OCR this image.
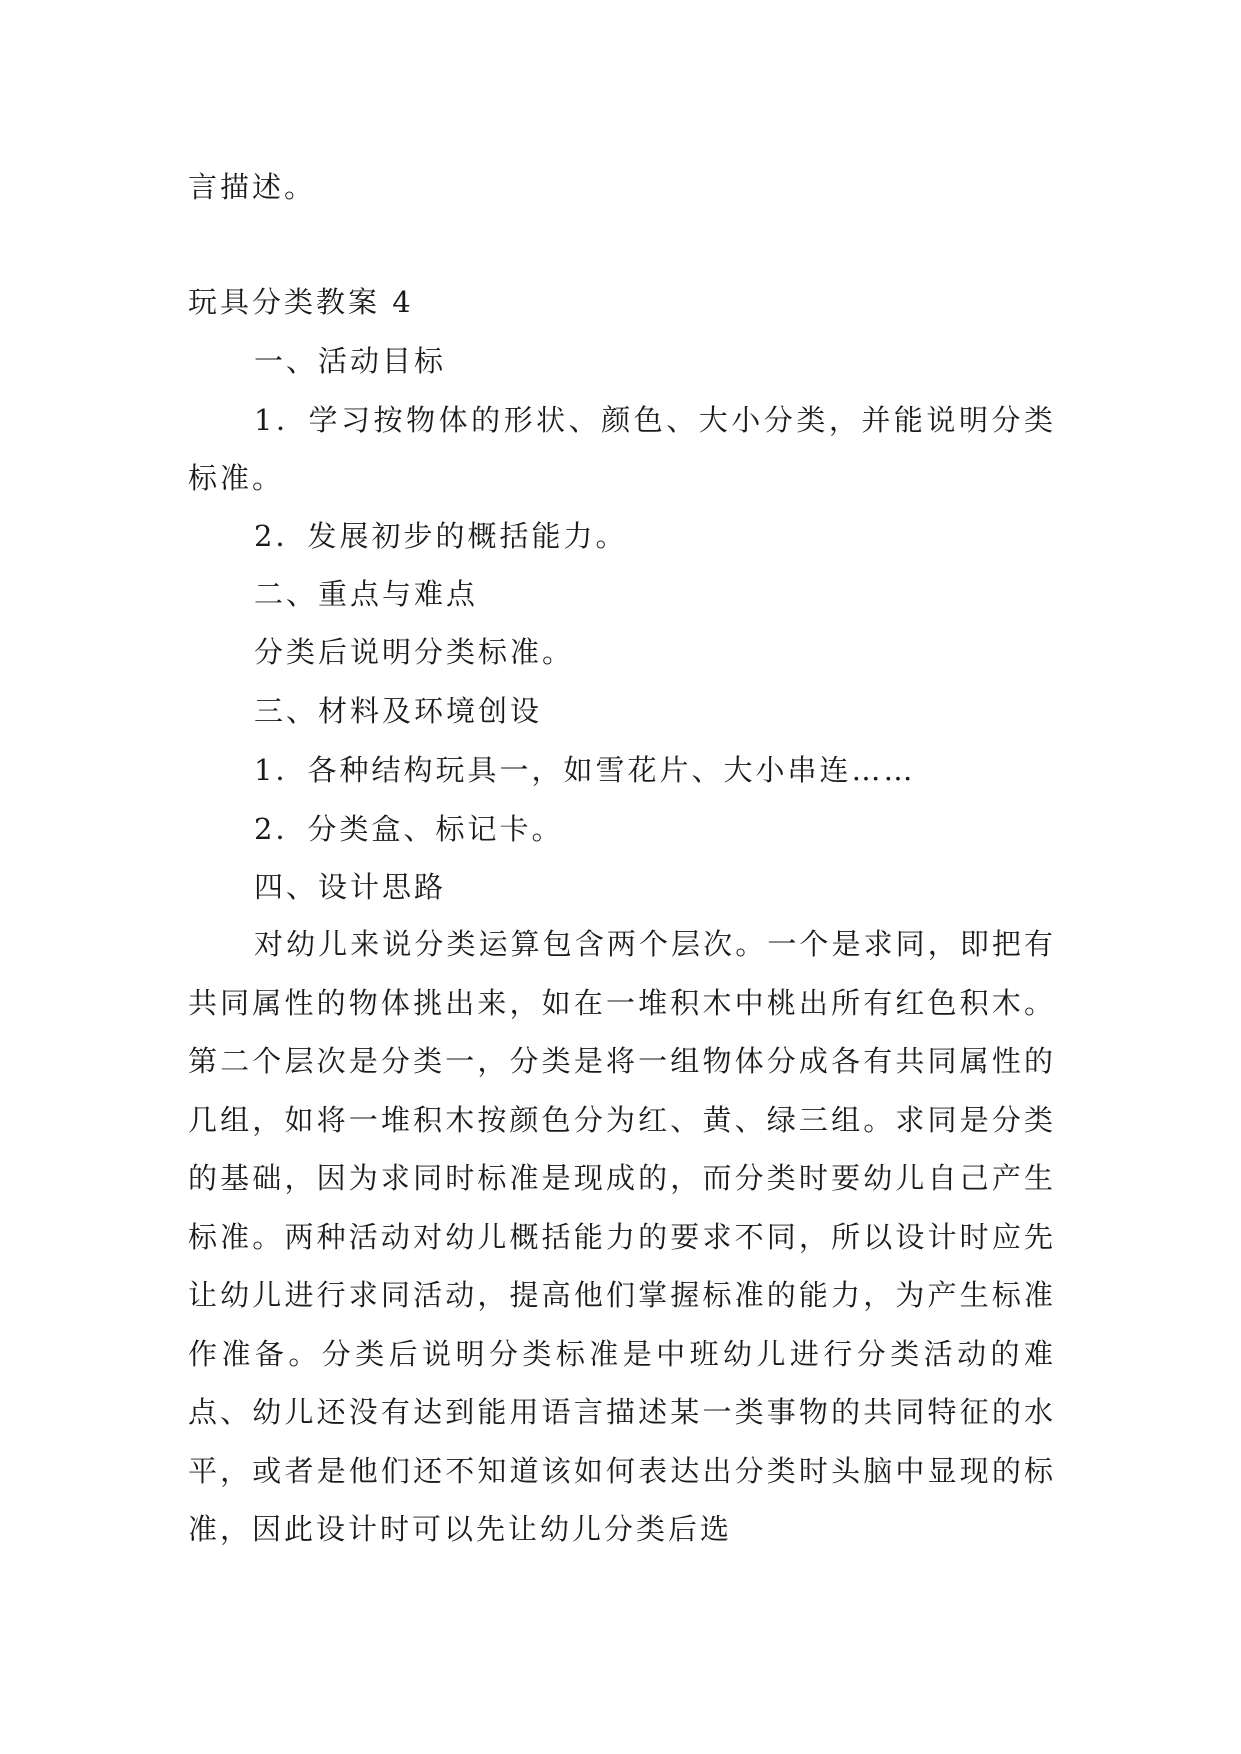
言描述。
玩具分类教案 4
一、活动目标
1．学习按物体的形状、颜色、大小分类，并能说明分类标准。
2．发展初步的概括能力。
二、重点与难点
分类后说明分类标准。
三、材料及环境创设
1．各种结构玩具一，如雪花片、大小串连……
2．分类盒、标记卡。
四、设计思路
对幼儿来说分类运算包含两个层次。一个是求同，即把有共同属性的物体挑出来，如在一堆积木中桃出所有红色积木。第二个层次是分类一，分类是将一组物体分成各有共同属性的几组，如将一堆积木按颜色分为红、黄、绿三组。求同是分类的基础，因为求同时标准是现成的，而分类时要幼儿自己产生标准。两种活动对幼儿概括能力的要求不同，所以设计时应先让幼儿进行求同活动，提高他们掌握标准的能力，为产生标准作准备。分类后说明分类标准是中班幼儿进行分类活动的难点、幼儿还没有达到能用语言描述某一类事物的共同特征的水平，或者是他们还不知道该如何表达出分类时头脑中显现的标准，因此设计时可以先让幼儿分类后选
